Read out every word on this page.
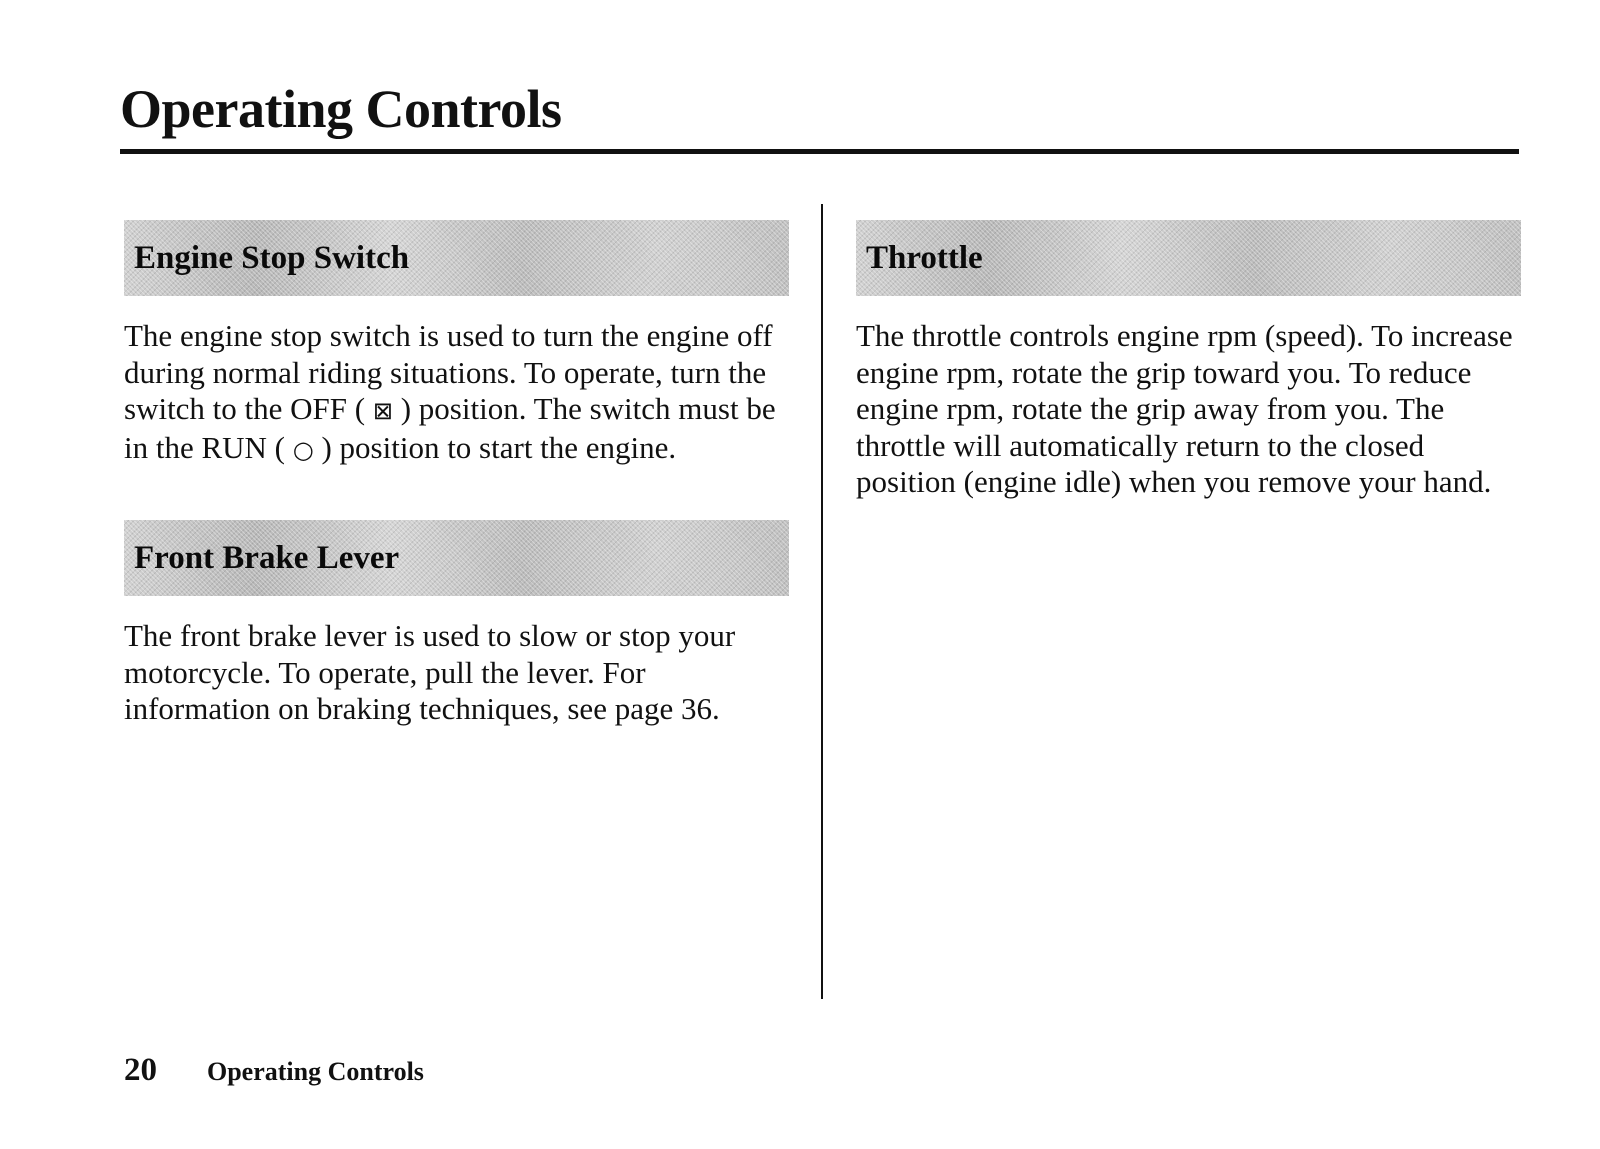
Operating Controls
Engine Stop Switch

The engine stop switch is used to turn the engine off during normal riding situations. To operate, turn the switch to the OFF ( ⊠ ) position. The switch must be in the RUN ( ○ ) position to start the engine.

Front Brake Lever

The front brake lever is used to slow or stop your motorcycle. To operate, pull the lever. For information on braking techniques, see page 36.

Throttle

The throttle controls engine rpm (speed). To increase engine rpm, rotate the grip toward you. To reduce engine rpm, rotate the grip away from you. The throttle will automatically return to the closed position (engine idle) when you remove your hand.

20 Operating Controls
